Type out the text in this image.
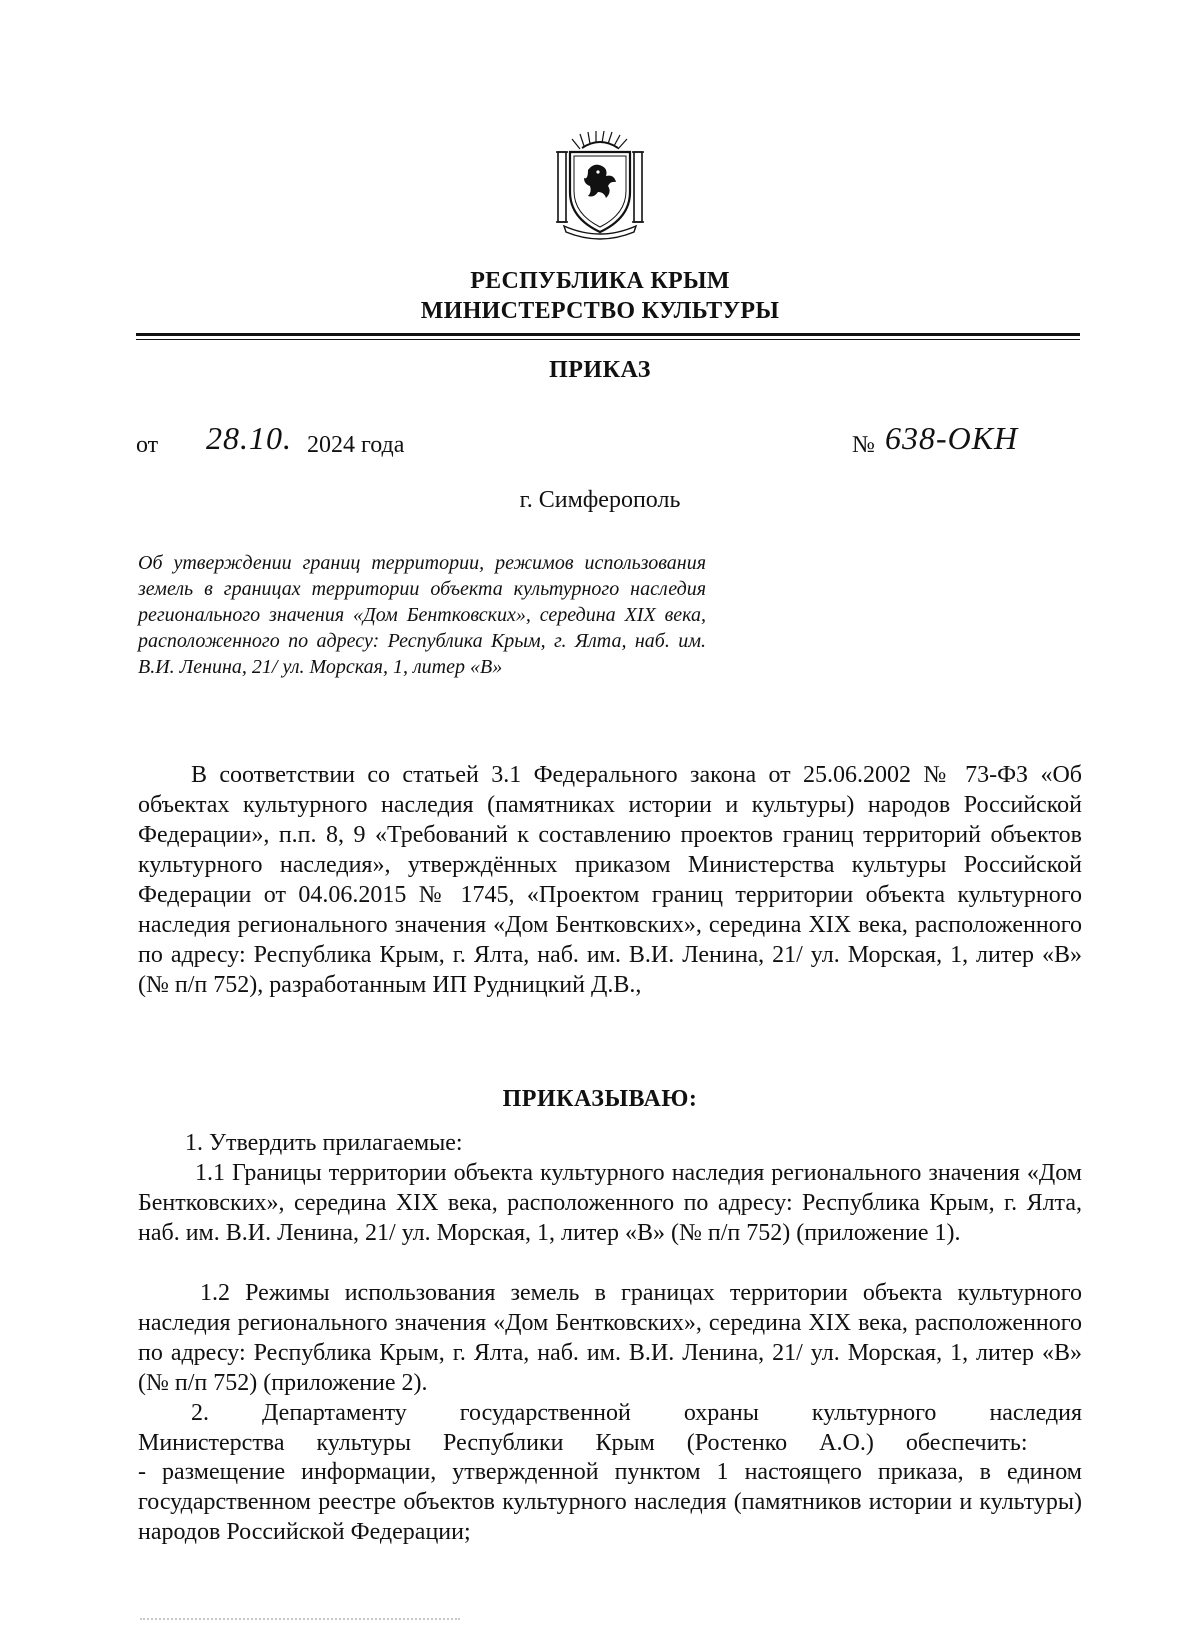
РЕСПУБЛИКА КРЫМ
МИНИСТЕРСТВО КУЛЬТУРЫ
ПРИКАЗ
от 28.10. 2024 года	№ 638-ОКН
г. Симферополь
Об утверждении границ территории, режимов использования земель в границах территории объекта культурного наследия регионального значения «Дом Бентковских», середина XIX века, расположенного по адресу: Республика Крым, г. Ялта, наб. им. В.И. Ленина, 21/ ул. Морская, 1, литер «В»
В соответствии со статьей 3.1 Федерального закона от 25.06.2002 № 73-ФЗ «Об объектах культурного наследия (памятниках истории и культуры) народов Российской Федерации», п.п. 8, 9 «Требований к составлению проектов границ территорий объектов культурного наследия», утверждённых приказом Министерства культуры Российской Федерации от 04.06.2015 № 1745, «Проектом границ территории объекта культурного наследия регионального значения «Дом Бентковских», середина XIX века, расположенного по адресу: Республика Крым, г. Ялта, наб. им. В.И. Ленина, 21/ ул. Морская, 1, литер «В» (№ п/п 752), разработанным ИП Рудницкий Д.В.,
ПРИКАЗЫВАЮ:
1. Утвердить прилагаемые:
1.1 Границы территории объекта культурного наследия регионального значения «Дом Бентковских», середина XIX века, расположенного по адресу: Республика Крым, г. Ялта, наб. им. В.И. Ленина, 21/ ул. Морская, 1, литер «В» (№ п/п 752) (приложение 1).
1.2 Режимы использования земель в границах территории объекта культурного наследия регионального значения «Дом Бентковских», середина XIX века, расположенного по адресу: Республика Крым, г. Ялта, наб. им. В.И. Ленина, 21/ ул. Морская, 1, литер «В» (№ п/п 752) (приложение 2).
2. Департаменту государственной охраны культурного наследия Министерства культуры Республики Крым (Ростенко А.О.) обеспечить:
- размещение информации, утвержденной пунктом 1 настоящего приказа, в едином государственном реестре объектов культурного наследия (памятников истории и культуры) народов Российской Федерации;
